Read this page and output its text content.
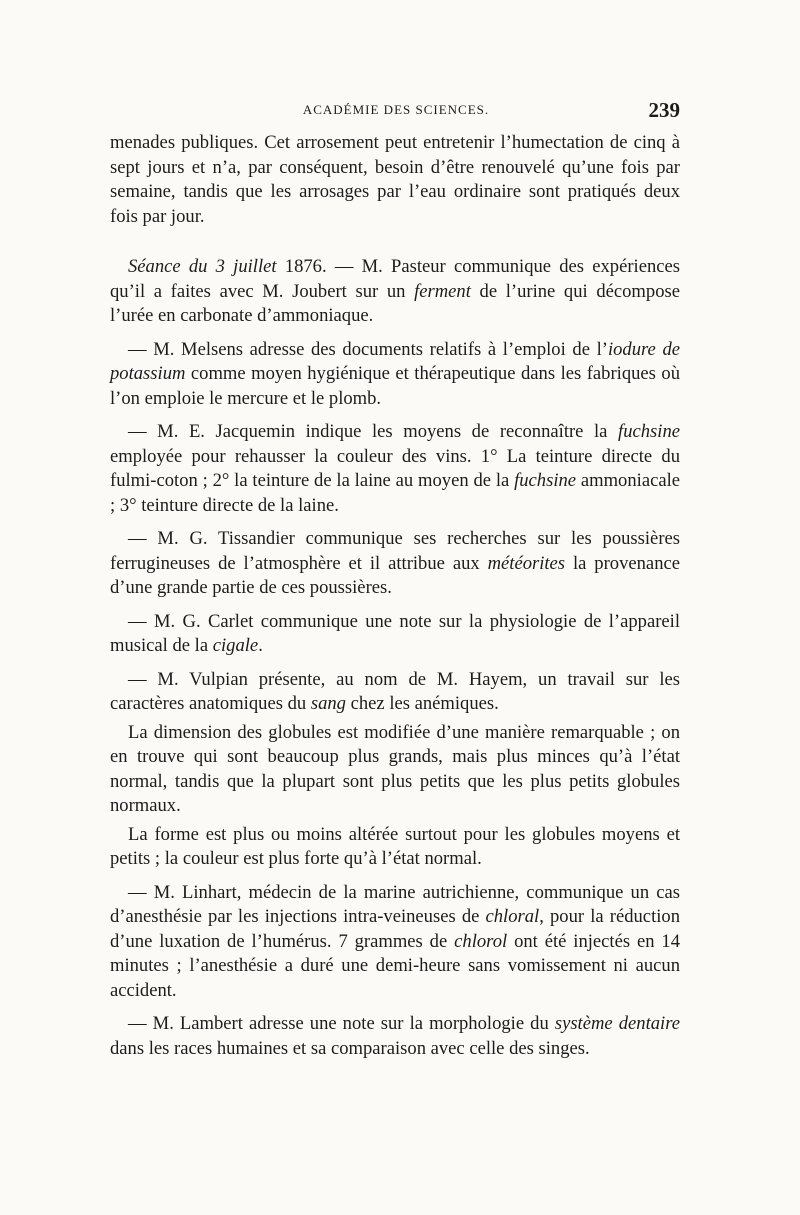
ACADÉMIE DES SCIENCES.	239

menades publiques. Cet arrosement peut entretenir l’humectation de cinq à sept jours et n’a, par conséquent, besoin d’être renouvelé qu’une fois par semaine, tandis que les arrosages par l’eau ordinaire sont pratiqués deux fois par jour.

Séance du 3 juillet 1876. — M. Pasteur communique des expériences qu’il a faites avec M. Joubert sur un ferment de l’urine qui décompose l’urée en carbonate d’ammoniaque.

— M. Melsens adresse des documents relatifs à l’emploi de l’iodure de potassium comme moyen hygiénique et thérapeutique dans les fabriques où l’on emploie le mercure et le plomb.

— M. E. Jacquemin indique les moyens de reconnaître la fuchsine employée pour rehausser la couleur des vins. 1° La teinture directe du fulmi-coton ; 2° la teinture de la laine au moyen de la fuchsine ammoniacale ; 3° teinture directe de la laine.

— M. G. Tissandier communique ses recherches sur les poussières ferrugineuses de l’atmosphère et il attribue aux météorites la provenance d’une grande partie de ces poussières.

— M. G. Carlet communique une note sur la physiologie de l’appareil musical de la cigale.

— M. Vulpian présente, au nom de M. Hayem, un travail sur les caractères anatomiques du sang chez les anémiques.

La dimension des globules est modifiée d’une manière remarquable ; on en trouve qui sont beaucoup plus grands, mais plus minces qu’à l’état normal, tandis que la plupart sont plus petits que les plus petits globules normaux.

La forme est plus ou moins altérée surtout pour les globules moyens et petits ; la couleur est plus forte qu’à l’état normal.

— M. Linhart, médecin de la marine autrichienne, communique un cas d’anesthésie par les injections intra-veineuses de chloral, pour la réduction d’une luxation de l’humérus. 7 grammes de chlorol ont été injectés en 14 minutes ; l’anesthésie a duré une demi-heure sans vomissement ni aucun accident.

— M. Lambert adresse une note sur la morphologie du système dentaire dans les races humaines et sa comparaison avec celle des singes.
